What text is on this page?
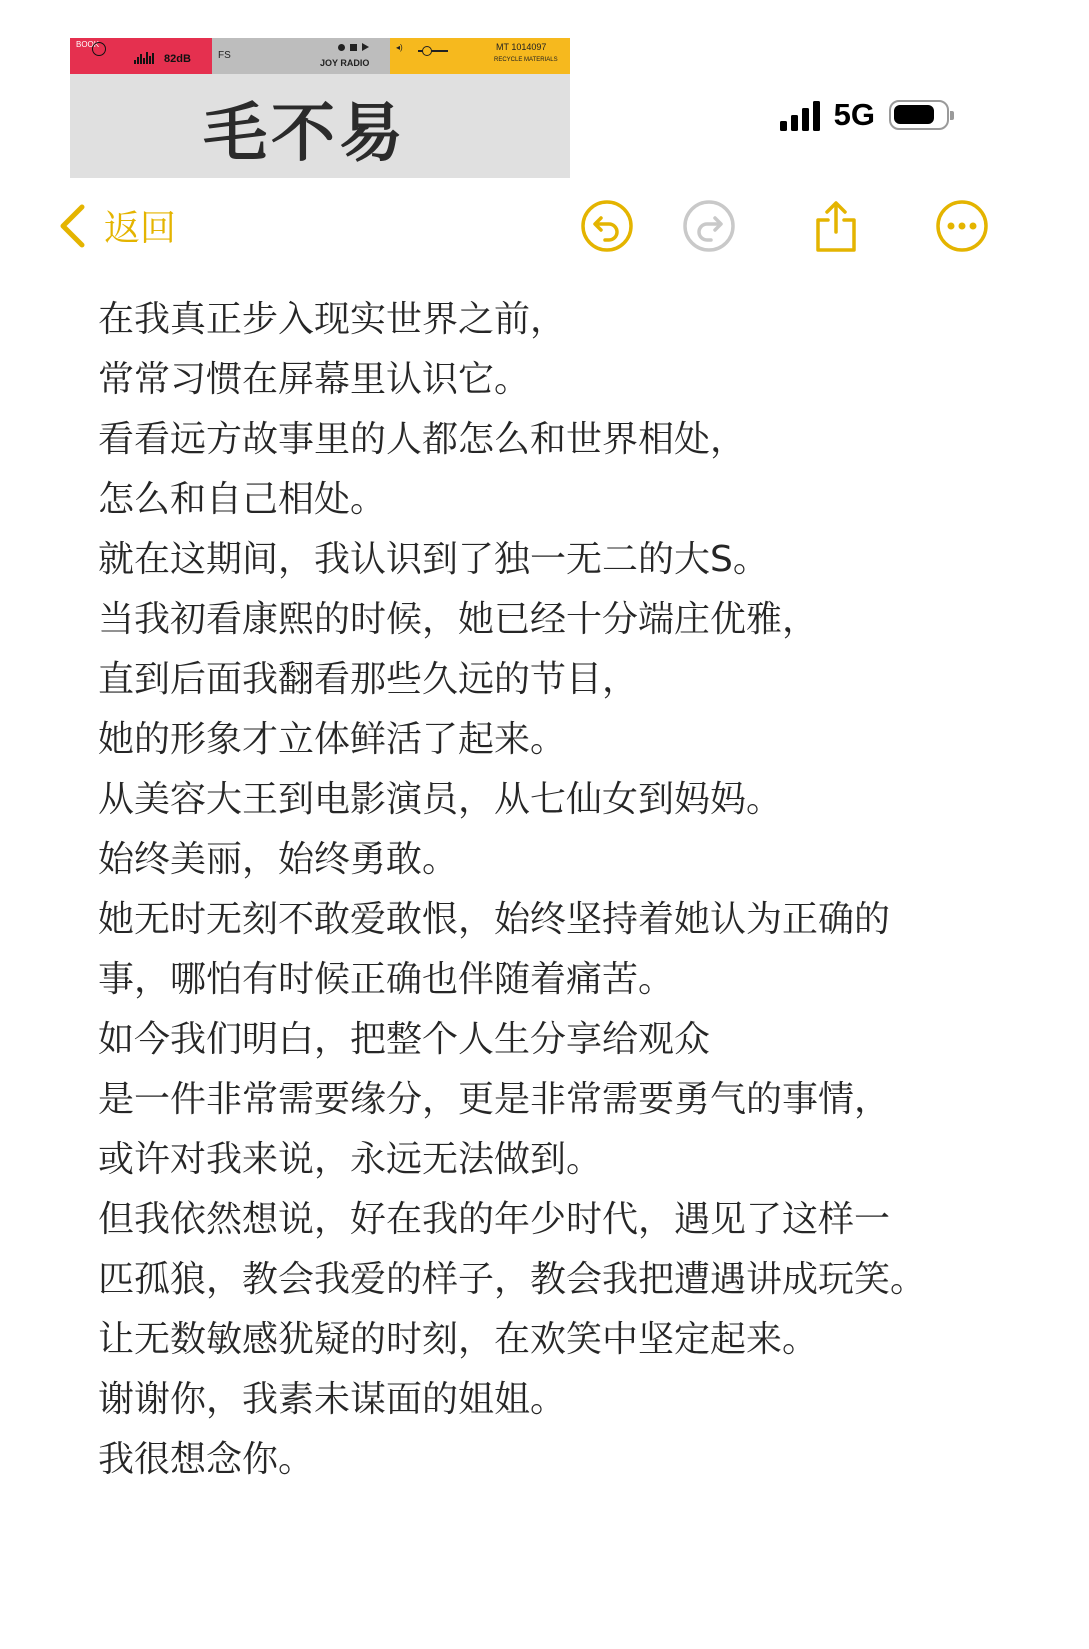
BOOK
82dB	FS
JOY RADIO
◂)	MT 1014097
RECYCLE MATERIALS
毛不易	5G
返回
在我真正步入现实世界之前，
常常习惯在屏幕里认识它。
看看远方故事里的人都怎么和世界相处，
怎么和自己相处。
就在这期间，我认识到了独一无二的大S。
当我初看康熙的时候，她已经十分端庄优雅，
直到后面我翻看那些久远的节目，
她的形象才立体鲜活了起来。
从美容大王到电影演员，从七仙女到妈妈。
始终美丽，始终勇敢。
她无时无刻不敢爱敢恨，始终坚持着她认为正确的
事，哪怕有时候正确也伴随着痛苦。
如今我们明白，把整个人生分享给观众
是一件非常需要缘分，更是非常需要勇气的事情，
或许对我来说，永远无法做到。
但我依然想说，好在我的年少时代，遇见了这样一
匹孤狼，教会我爱的样子，教会我把遭遇讲成玩笑。
让无数敏感犹疑的时刻，在欢笑中坚定起来。
谢谢你，我素未谋面的姐姐。
我很想念你。
